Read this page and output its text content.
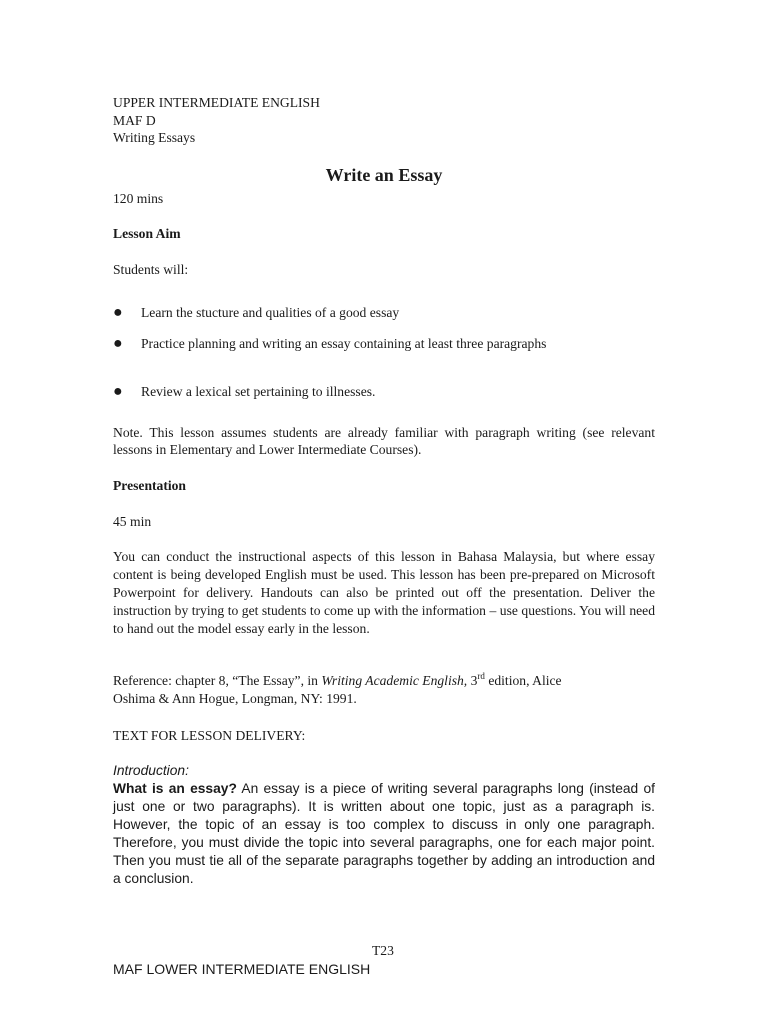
UPPER INTERMEDIATE ENGLISH
MAF D
Writing Essays
Write an Essay
120 mins
Lesson Aim
Students will:
●	Learn the stucture and qualities of a good essay
●	Practice planning and writing an essay containing at least three paragraphs
●	Review a lexical set pertaining to illnesses.
Note. This lesson assumes students are already familiar with paragraph writing (see relevant lessons in Elementary and Lower Intermediate Courses).
Presentation
45 min
You can conduct the instructional aspects of this lesson in Bahasa Malaysia, but where essay content is being developed English must be used. This lesson has been pre-prepared on Microsoft Powerpoint for delivery. Handouts can also be printed out off the presentation. Deliver the instruction by trying to get students to come up with the information – use questions. You will need to hand out the model essay early in the lesson.
Reference: chapter 8, “The Essay”, in Writing Academic English, 3rd edition, Alice
Oshima & Ann Hogue, Longman, NY: 1991.
TEXT FOR LESSON DELIVERY:
Introduction:
What is an essay? An essay is a piece of writing several paragraphs long (instead of just one or two paragraphs). It is written about one topic, just as a paragraph is. However, the topic of an essay is too complex to discuss in only one paragraph. Therefore, you must divide the topic into several paragraphs, one for each major point. Then you must tie all of the separate paragraphs together by adding an introduction and a conclusion.
T23
MAF LOWER INTERMEDIATE ENGLISH
